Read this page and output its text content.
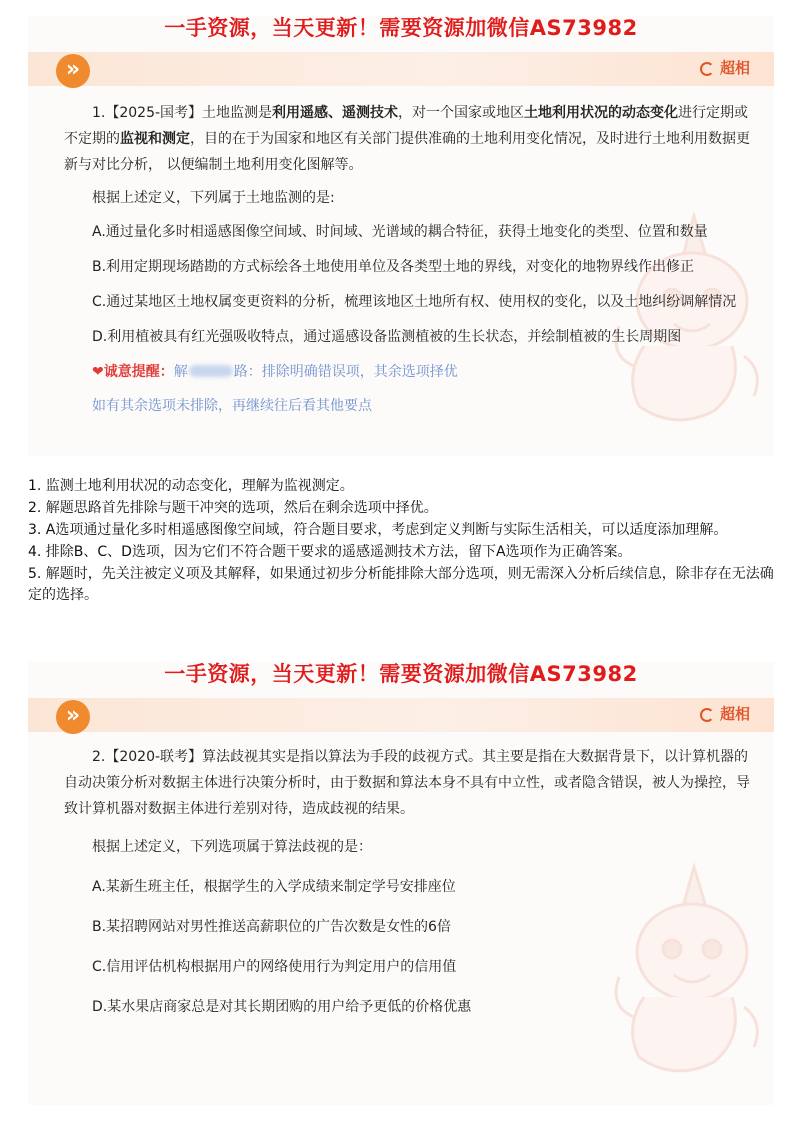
一手资源，当天更新！需要资源加微信AS73982
»	超相

1.【2025-国考】土地监测是利用遥感、遥测技术，对一个国家或地区土地利用状况的动态变化进行定期或不定期的监视和测定，目的在于为国家和地区有关部门提供准确的土地利用变化情况，及时进行土地利用数据更新与对比分析， 以便编制土地利用变化图解等。

根据上述定义，下列属于土地监测的是:

A.通过量化多时相遥感图像空间域、时间域、光谱域的耦合特征，获得土地变化的类型、位置和数量

B.利用定期现场踏勘的方式标绘各土地使用单位及各类型土地的界线，对变化的地物界线作出修正

C.通过某地区土地权属变更资料的分析，梳理该地区土地所有权、使用权的变化，以及土地纠纷调解情况

D.利用植被具有红光强吸收特点，通过遥感设备监测植被的生长状态，并绘制植被的生长周期图

❤诚意提醒：解	路：排除明确错误项，其余选项择优

如有其余选项未排除，再继续往后看其他要点

1. 监测土地利用状况的动态变化，理解为监视测定。
2. 解题思路首先排除与题干冲突的选项，然后在剩余选项中择优。
3. A选项通过量化多时相遥感图像空间域，符合题目要求，考虑到定义判断与实际生活相关，可以适度添加理解。
4. 排除B、C、D选项，因为它们不符合题干要求的遥感遥测技术方法，留下A选项作为正确答案。
5. 解题时，先关注被定义项及其解释，如果通过初步分析能排除大部分选项，则无需深入分析后续信息，除非存在无法确定的选择。
一手资源，当天更新！需要资源加微信AS73982
»	超相

2.【2020-联考】算法歧视其实是指以算法为手段的歧视方式。其主要是指在大数据背景下，以计算机器的自动决策分析对数据主体进行决策分析时，由于数据和算法本身不具有中立性，或者隐含错误，被人为操控，导致计算机器对数据主体进行差别对待，造成歧视的结果。

根据上述定义，下列选项属于算法歧视的是：

A.某新生班主任，根据学生的入学成绩来制定学号安排座位

B.某招聘网站对男性推送高薪职位的广告次数是女性的6倍

C.信用评估机构根据用户的网络使用行为判定用户的信用值

D.某水果店商家总是对其长期团购的用户给予更低的价格优惠
